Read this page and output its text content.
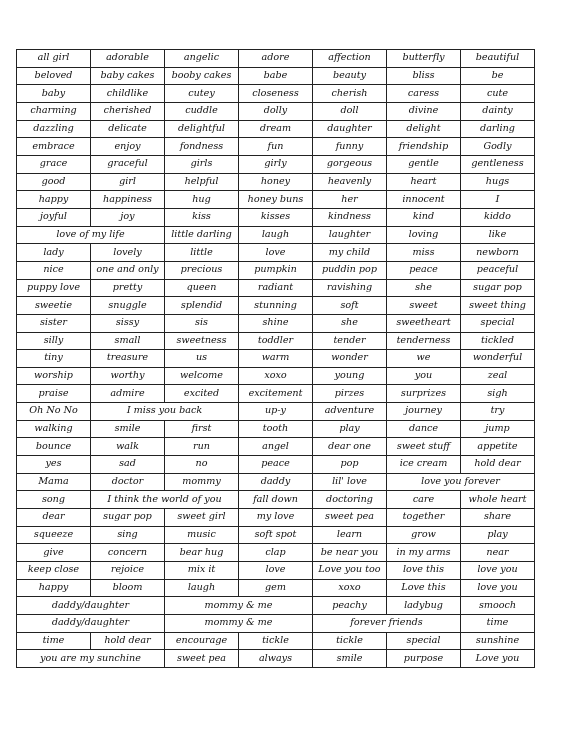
all girl	adorable	angelic	adore	affection	butterfly	beautiful
beloved	baby cakes	booby cakes	babe	beauty	bliss	be
baby	childlike	cutey	closeness	cherish	caress	cute
charming	cherished	cuddle	dolly	doll	divine	dainty
dazzling	delicate	delightful	dream	daughter	delight	darling
embrace	enjoy	fondness	fun	funny	friendship	Godly
grace	graceful	girls	girly	gorgeous	gentle	gentleness
good	girl	helpful	honey	heavenly	heart	hugs
happy	happiness	hug	honey buns	her	innocent	I
joyful	joy	kiss	kisses	kindness	kind	kiddo
love of my life		little darling	laugh	laughter	loving	like
lady	lovely	little	love	my child	miss	newborn
nice	one and only	precious	pumpkin	puddin pop	peace	peaceful
puppy love	pretty	queen	radiant	ravishing	she	sugar pop
sweetie	snuggle	splendid	stunning	soft	sweet	sweet thing
sister	sissy	sis	shine	she	sweetheart	special
silly	small	sweetness	toddler	tender	tenderness	tickled
tiny	treasure	us	warm	wonder	we	wonderful
worship	worthy	welcome	xoxo	young	you	zeal
praise	admire	excited	excitement	pirzes	surprizes	sigh
Oh No No	I miss you back		up-y	adventure	journey	try
walking	smile	first	tooth	play	dance	jump
bounce	walk	run	angel	dear one	sweet stuff	appetite
yes	sad	no	peace	pop	ice cream	hold dear
Mama	doctor	mommy	daddy	lil' love	love you forever	
song	I think the world of you		fall down	doctoring	care	whole heart
dear	sugar pop	sweet girl	my love	sweet pea	together	share
squeeze	sing	music	soft spot	learn	grow	play
give	concern	bear hug	clap	be near you	in my arms	near
keep close	rejoice	mix it	love	Love you too	love this	love you
happy	bloom	laugh	gem	xoxo	Love this	love you
daddy/daughter		mommy & me		peachy	ladybug	smooch
daddy/daughter		mommy & me		forever friends		time
time	hold dear	encourage	tickle	tickle	special	sunshine
you are my sunchine		sweet pea	always	smile	purpose	Love you
